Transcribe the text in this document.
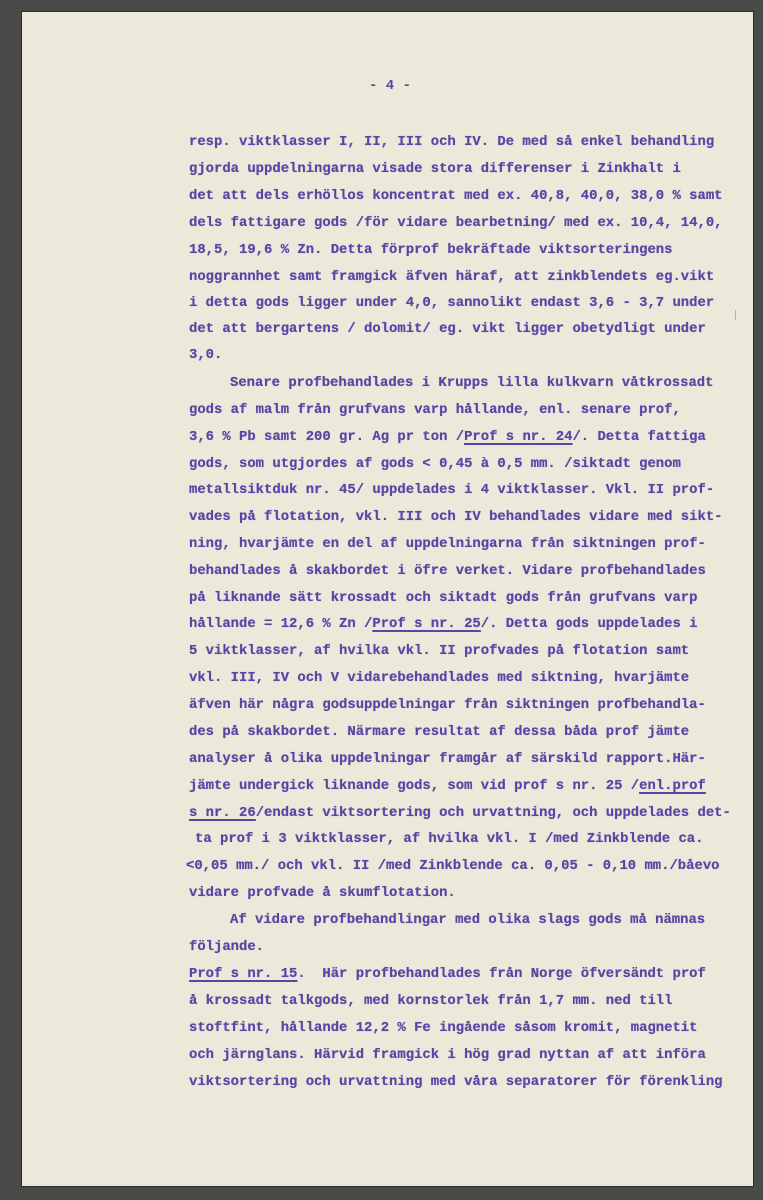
- 4 -
resp. viktklasser I, II, III och IV. De med så enkel behandling
gjorda uppdelningarna visade stora differenser i Zinkhalt i
det att dels erhöllos koncentrat med ex. 40,8, 40,0, 38,0 % samt
dels fattigare gods /för vidare bearbetning/ med ex. 10,4, 14,0,
18,5, 19,6 % Zn. Detta förprof bekräftade viktsorteringens
noggrannhet samt framgick äfven häraf, att zinkblendets eg.vikt
i detta gods ligger under 4,0, sannolikt endast 3,6 - 3,7 under
det att bergartens / dolomit/ eg. vikt ligger obetydligt under
3,0.
Senare profbehandlades i Krupps lilla kulkvarn våtkrossadt
gods af malm från grufvans varp hållande, enl. senare prof,
3,6 % Pb samt 200 gr. Ag pr ton /Prof s nr. 24/. Detta fattiga
gods, som utgjordes af gods < 0,45 à 0,5 mm. /siktadt genom
metallsiktduk nr. 45/ uppdelades i 4 viktklasser. Vkl. II prof-
vades på flotation, vkl. III och IV behandlades vidare med sikt-
ning, hvarjämte en del af uppdelningarna från siktningen prof-
behandlades å skakbordet i öfre verket. Vidare profbehandlades
på liknande sätt krossadt och siktadt gods från grufvans varp
hållande = 12,6 % Zn /Prof s nr. 25/. Detta gods uppdelades i
5 viktklasser, af hvilka vkl. II profvades på flotation samt
vkl. III, IV och V vidarebehandlades med siktning, hvarjämte
äfven här några godsuppdelningar från siktningen profbehandla-
des på skakbordet. Närmare resultat af dessa båda prof jämte
analyser å olika uppdelningar framgår af särskild rapport.Här-
jämte undergick liknande gods, som vid prof s nr. 25 /enl.prof
s nr. 26/endast viktsortering och urvattning, och uppdelades det-
ta prof i 3 viktklasser, af hvilka vkl. I /med Zinkblende ca.
<0,05 mm./ och vkl. II /med Zinkblende ca. 0,05 - 0,10 mm./båevo
vidare profvade å skumflotation.
Af vidare profbehandlingar med olika slags gods må nämnas
följande.
Prof s nr. 15.  Här profbehandlades från Norge öfversändt prof
å krossadt talkgods, med kornstorlek från 1,7 mm. ned till
stoftfint, hållande 12,2 % Fe ingående såsom kromit, magnetit
och järnglans. Härvid framgick i hög grad nyttan af att införa
viktsortering och urvattning med våra separatorer för förenkling
